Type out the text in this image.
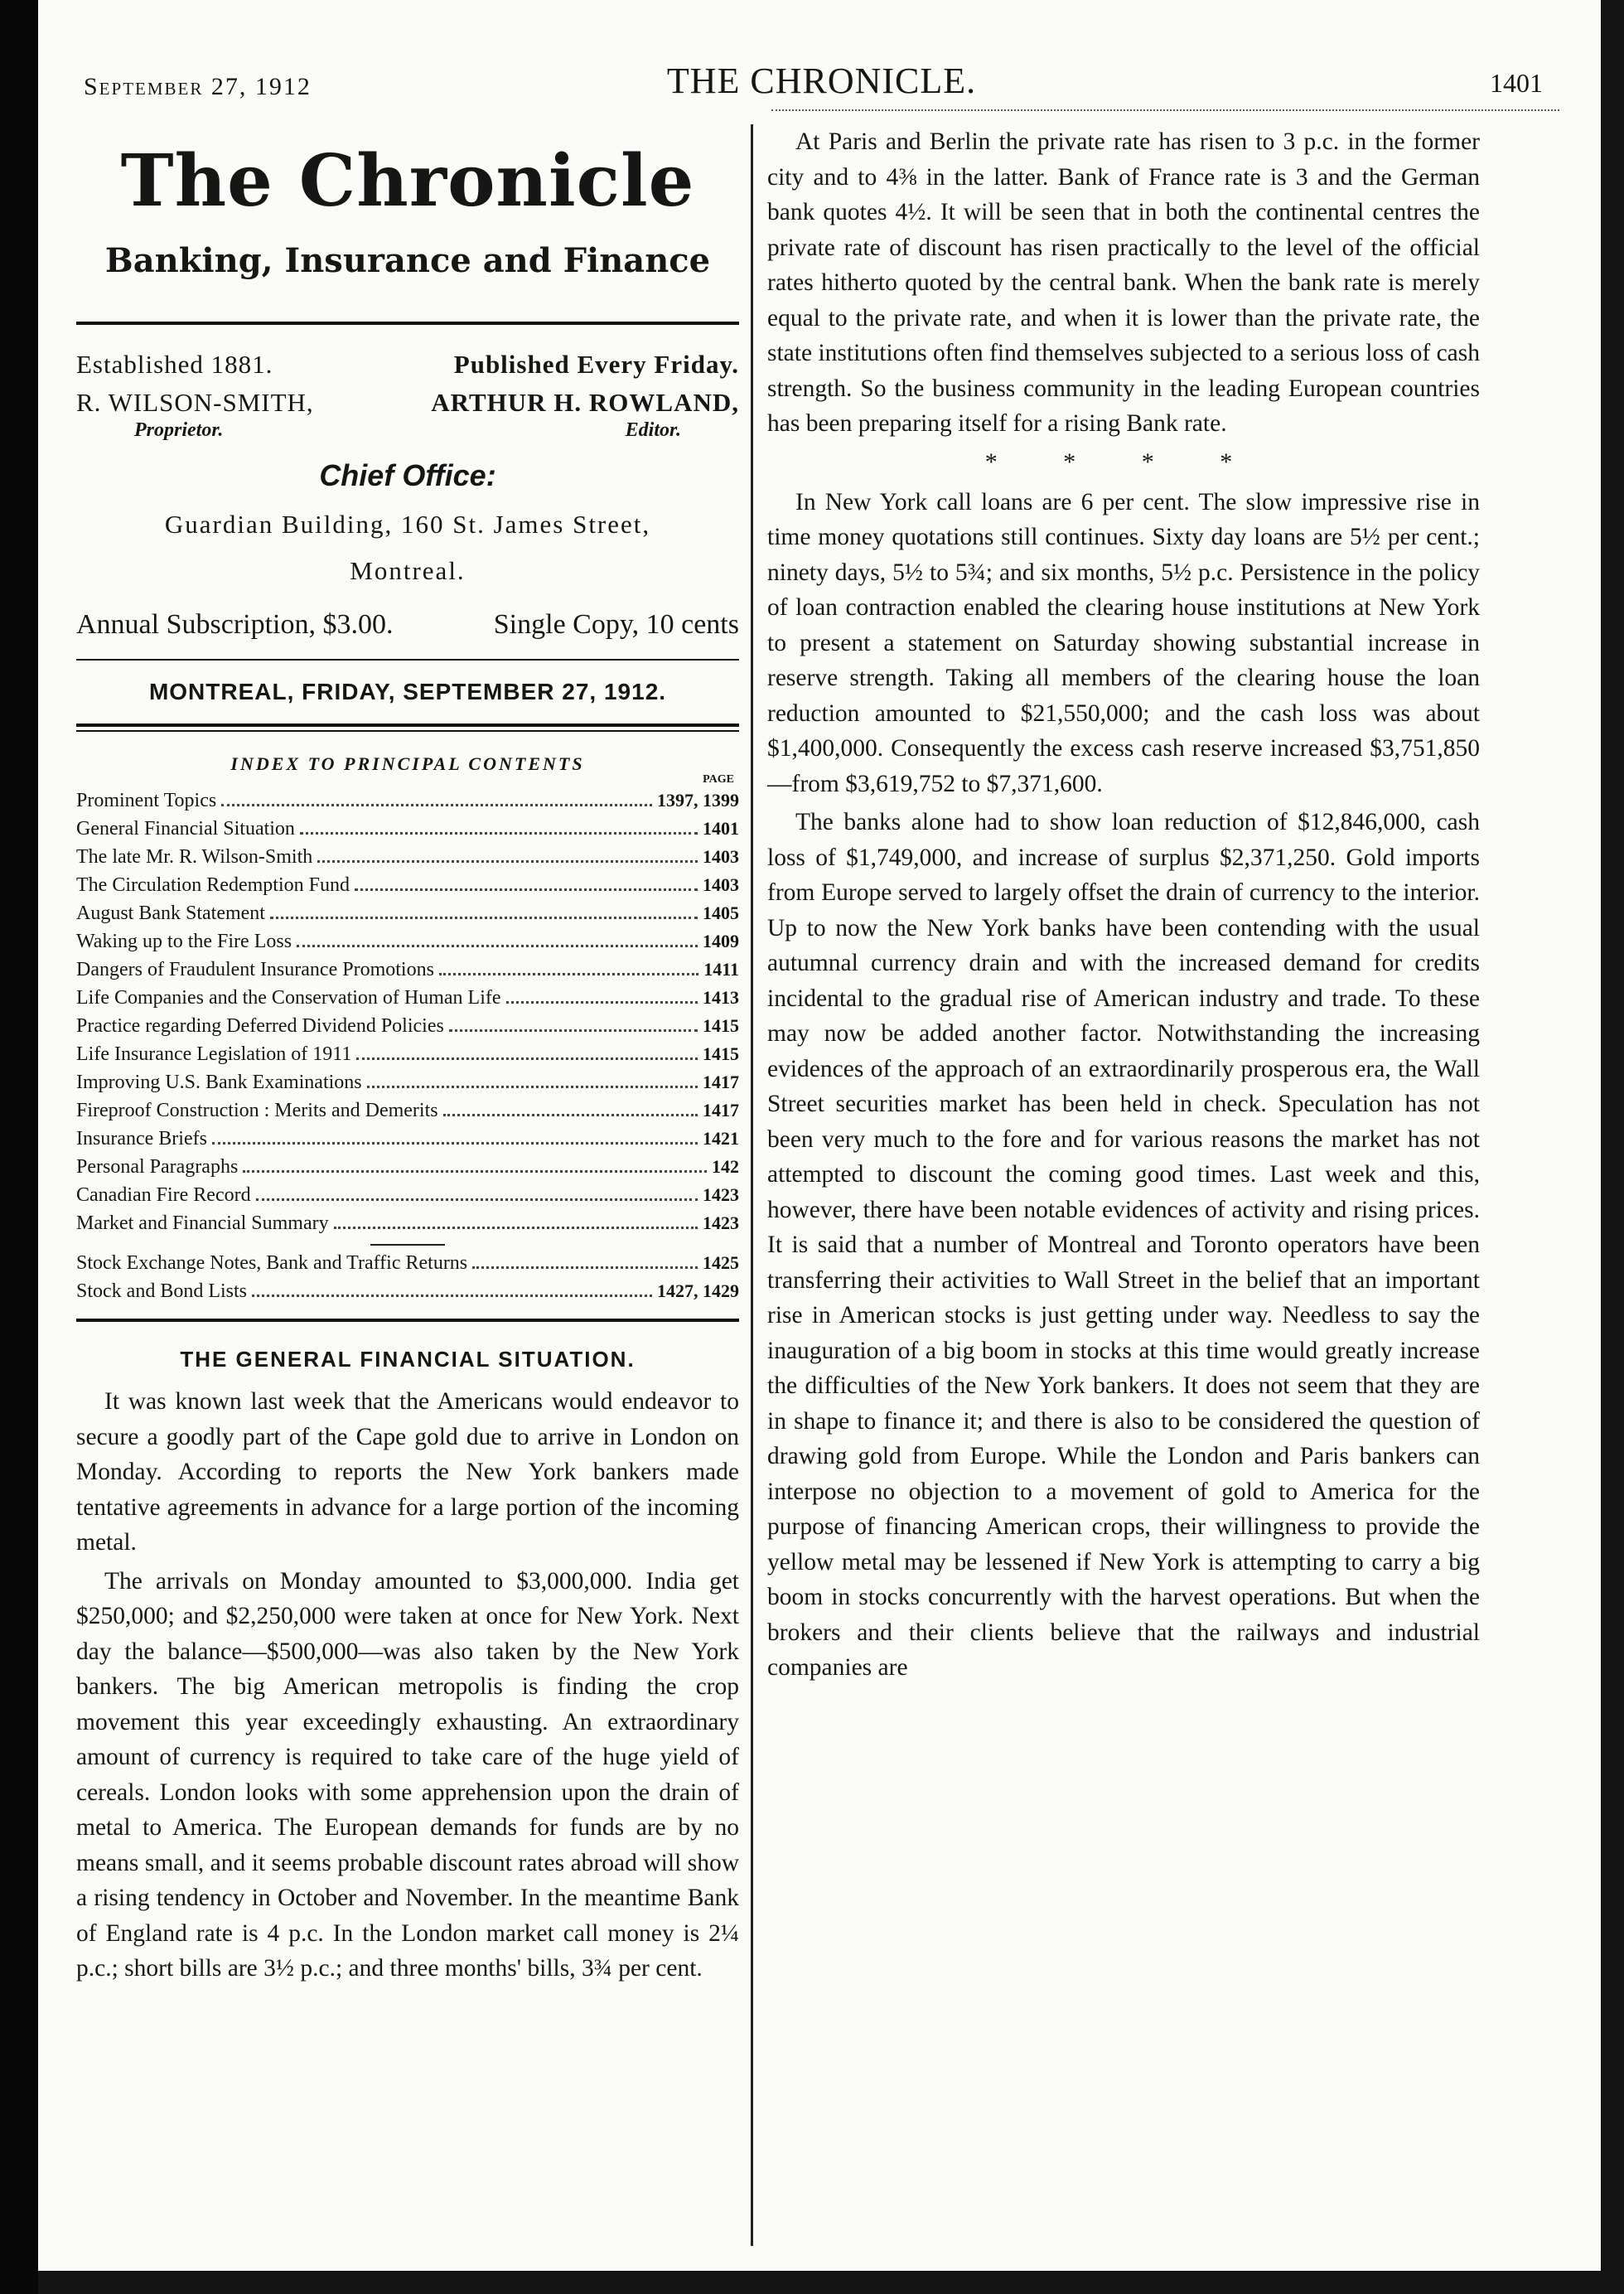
September 27, 1912	THE CHRONICLE.	1401
The Chronicle
Banking, Insurance and Finance
Established 1881.	Published Every Friday.
R. WILSON-SMITH,	ARTHUR H. ROWLAND,
Proprietor.	Editor.
Chief Office:
Guardian Building, 160 St. James Street,
Montreal.
Annual Subscription, $3.00.	Single Copy, 10 cents
MONTREAL, FRIDAY, SEPTEMBER 27, 1912.
INDEX TO PRINCIPAL CONTENTS
PAGE
Prominent Topics	1397, 1399
General Financial Situation	1401
The late Mr. R. Wilson-Smith	1403
The Circulation Redemption Fund	1403
August Bank Statement	1405
Waking up to the Fire Loss	1409
Dangers of Fraudulent Insurance Promotions	1411
Life Companies and the Conservation of Human Life	1413
Practice regarding Deferred Dividend Policies	1415
Life Insurance Legislation of 1911	1415
Improving U.S. Bank Examinations	1417
Fireproof Construction : Merits and Demerits	1417
Insurance Briefs	1421
Personal Paragraphs	142
Canadian Fire Record	1423
Market and Financial Summary	1423
Stock Exchange Notes, Bank and Traffic Returns	1425
Stock and Bond Lists	1427, 1429
THE GENERAL FINANCIAL SITUATION.

It was known last week that the Americans would endeavor to secure a goodly part of the Cape gold due to arrive in London on Monday. According to reports the New York bankers made tentative agreements in advance for a large portion of the incoming metal.

The arrivals on Monday amounted to $3,000,000. India get $250,000; and $2,250,000 were taken at once for New York. Next day the balance—$500,000—was also taken by the New York bankers. The big American metropolis is finding the crop movement this year exceedingly exhausting. An extraordinary amount of currency is required to take care of the huge yield of cereals. London looks with some apprehension upon the drain of metal to America. The European demands for funds are by no means small, and it seems probable discount rates abroad will show a rising tendency in October and November. In the meantime Bank of England rate is 4 p.c. In the London market call money is 2¼ p.c.; short bills are 3½ p.c.; and three months' bills, 3¾ per cent.

At Paris and Berlin the private rate has risen to 3 p.c. in the former city and to 4⅜ in the latter. Bank of France rate is 3 and the German bank quotes 4½. It will be seen that in both the continental centres the private rate of discount has risen practically to the level of the official rates hitherto quoted by the central bank. When the bank rate is merely equal to the private rate, and when it is lower than the private rate, the state institutions often find themselves subjected to a serious loss of cash strength. So the business community in the leading European countries has been preparing itself for a rising Bank rate.

* * * *

In New York call loans are 6 per cent. The slow impressive rise in time money quotations still continues. Sixty day loans are 5½ per cent.; ninety days, 5½ to 5¾; and six months, 5½ p.c. Persistence in the policy of loan contraction enabled the clearing house institutions at New York to present a statement on Saturday showing substantial increase in reserve strength. Taking all members of the clearing house the loan reduction amounted to $21,550,000; and the cash loss was about $1,400,000. Consequently the excess cash reserve increased $3,751,850—from $3,619,752 to $7,371,600.

The banks alone had to show loan reduction of $12,846,000, cash loss of $1,749,000, and increase of surplus $2,371,250. Gold imports from Europe served to largely offset the drain of currency to the interior. Up to now the New York banks have been contending with the usual autumnal currency drain and with the increased demand for credits incidental to the gradual rise of American industry and trade. To these may now be added another factor. Notwithstanding the increasing evidences of the approach of an extraordinarily prosperous era, the Wall Street securities market has been held in check. Speculation has not been very much to the fore and for various reasons the market has not attempted to discount the coming good times. Last week and this, however, there have been notable evidences of activity and rising prices. It is said that a number of Montreal and Toronto operators have been transferring their activities to Wall Street in the belief that an important rise in American stocks is just getting under way. Needless to say the inauguration of a big boom in stocks at this time would greatly increase the difficulties of the New York bankers. It does not seem that they are in shape to finance it; and there is also to be considered the question of drawing gold from Europe. While the London and Paris bankers can interpose no objection to a movement of gold to America for the purpose of financing American crops, their willingness to provide the yellow metal may be lessened if New York is attempting to carry a big boom in stocks concurrently with the harvest operations. But when the brokers and their clients believe that the railways and industrial companies are
